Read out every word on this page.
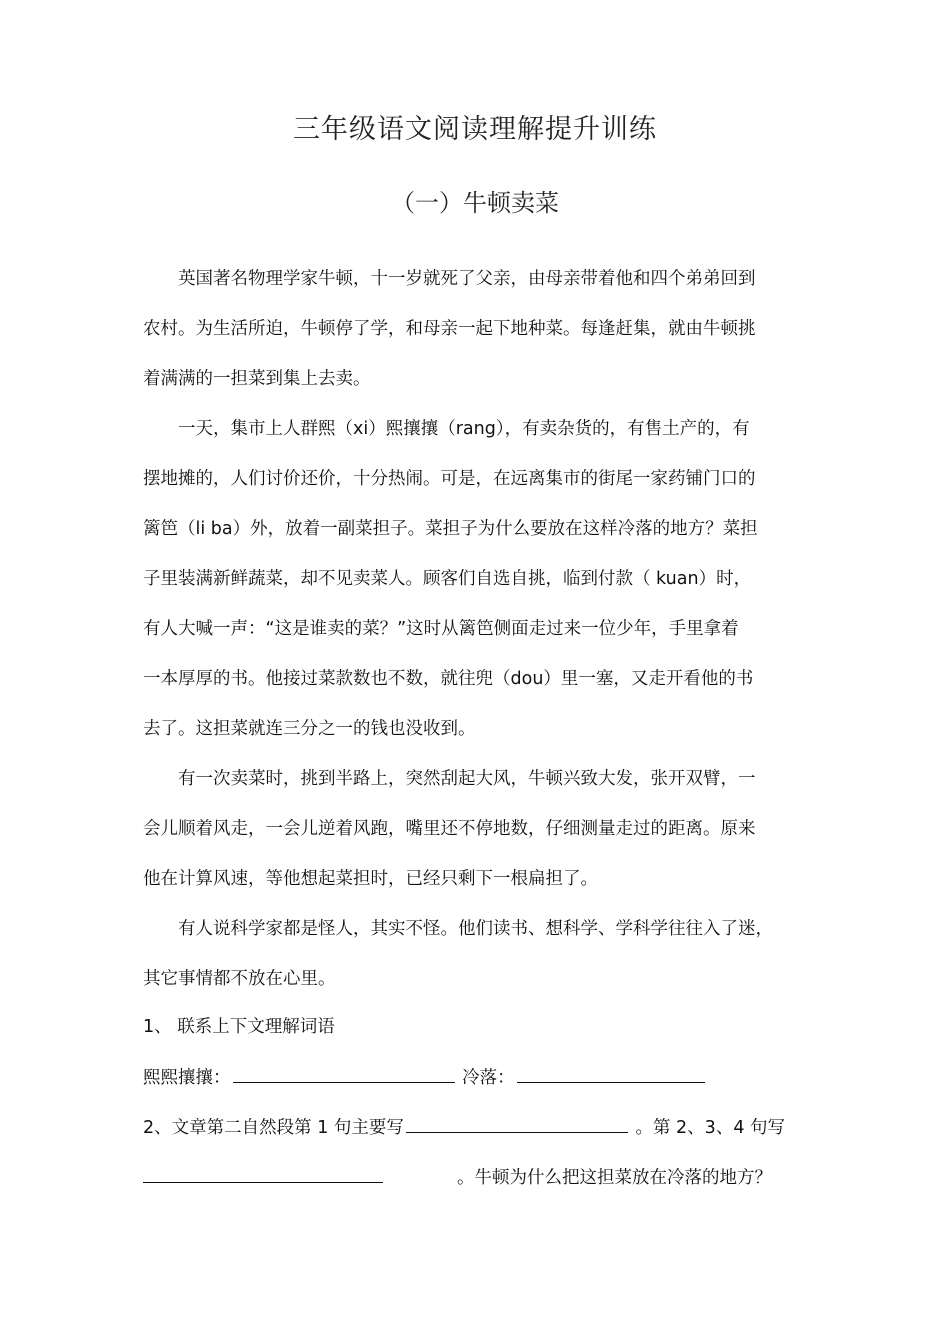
三年级语文阅读理解提升训练
（一）牛顿卖菜
　　英国著名物理学家牛顿，十一岁就死了父亲，由母亲带着他和四个弟弟回到
农村。为生活所迫，牛顿停了学，和母亲一起下地种菜。每逢赶集，就由牛顿挑
着满满的一担菜到集上去卖。
　　一天，集市上人群熙（xi）熙攘攘（rang），有卖杂货的，有售土产的，有
摆地摊的，人们讨价还价，十分热闹。可是，在远离集市的街尾一家药铺门口的
篱笆（li ba）外，放着一副菜担子。菜担子为什么要放在这样冷落的地方？菜担
子里装满新鲜蔬菜，却不见卖菜人。顾客们自选自挑，临到付款（ kuan）时，
有人大喊一声：“这是谁卖的菜？”这时从篱笆侧面走过来一位少年，手里拿着
一本厚厚的书。他接过菜款数也不数，就往兜（dou）里一塞，又走开看他的书
去了。这担菜就连三分之一的钱也没收到。
　　有一次卖菜时，挑到半路上，突然刮起大风，牛顿兴致大发，张开双臂，一
会儿顺着风走，一会儿逆着风跑，嘴里还不停地数，仔细测量走过的距离。原来
他在计算风速，等他想起菜担时，已经只剩下一根扁担了。
　　有人说科学家都是怪人，其实不怪。他们读书、想科学、学科学往往入了迷，
其它事情都不放在心里。
1、 联系上下文理解词语
熙熙攘攘：	冷落：
2、文章第二自然段第 1 句主要写	。第 2、3、4 句写
。牛顿为什么把这担菜放在冷落的地方？
